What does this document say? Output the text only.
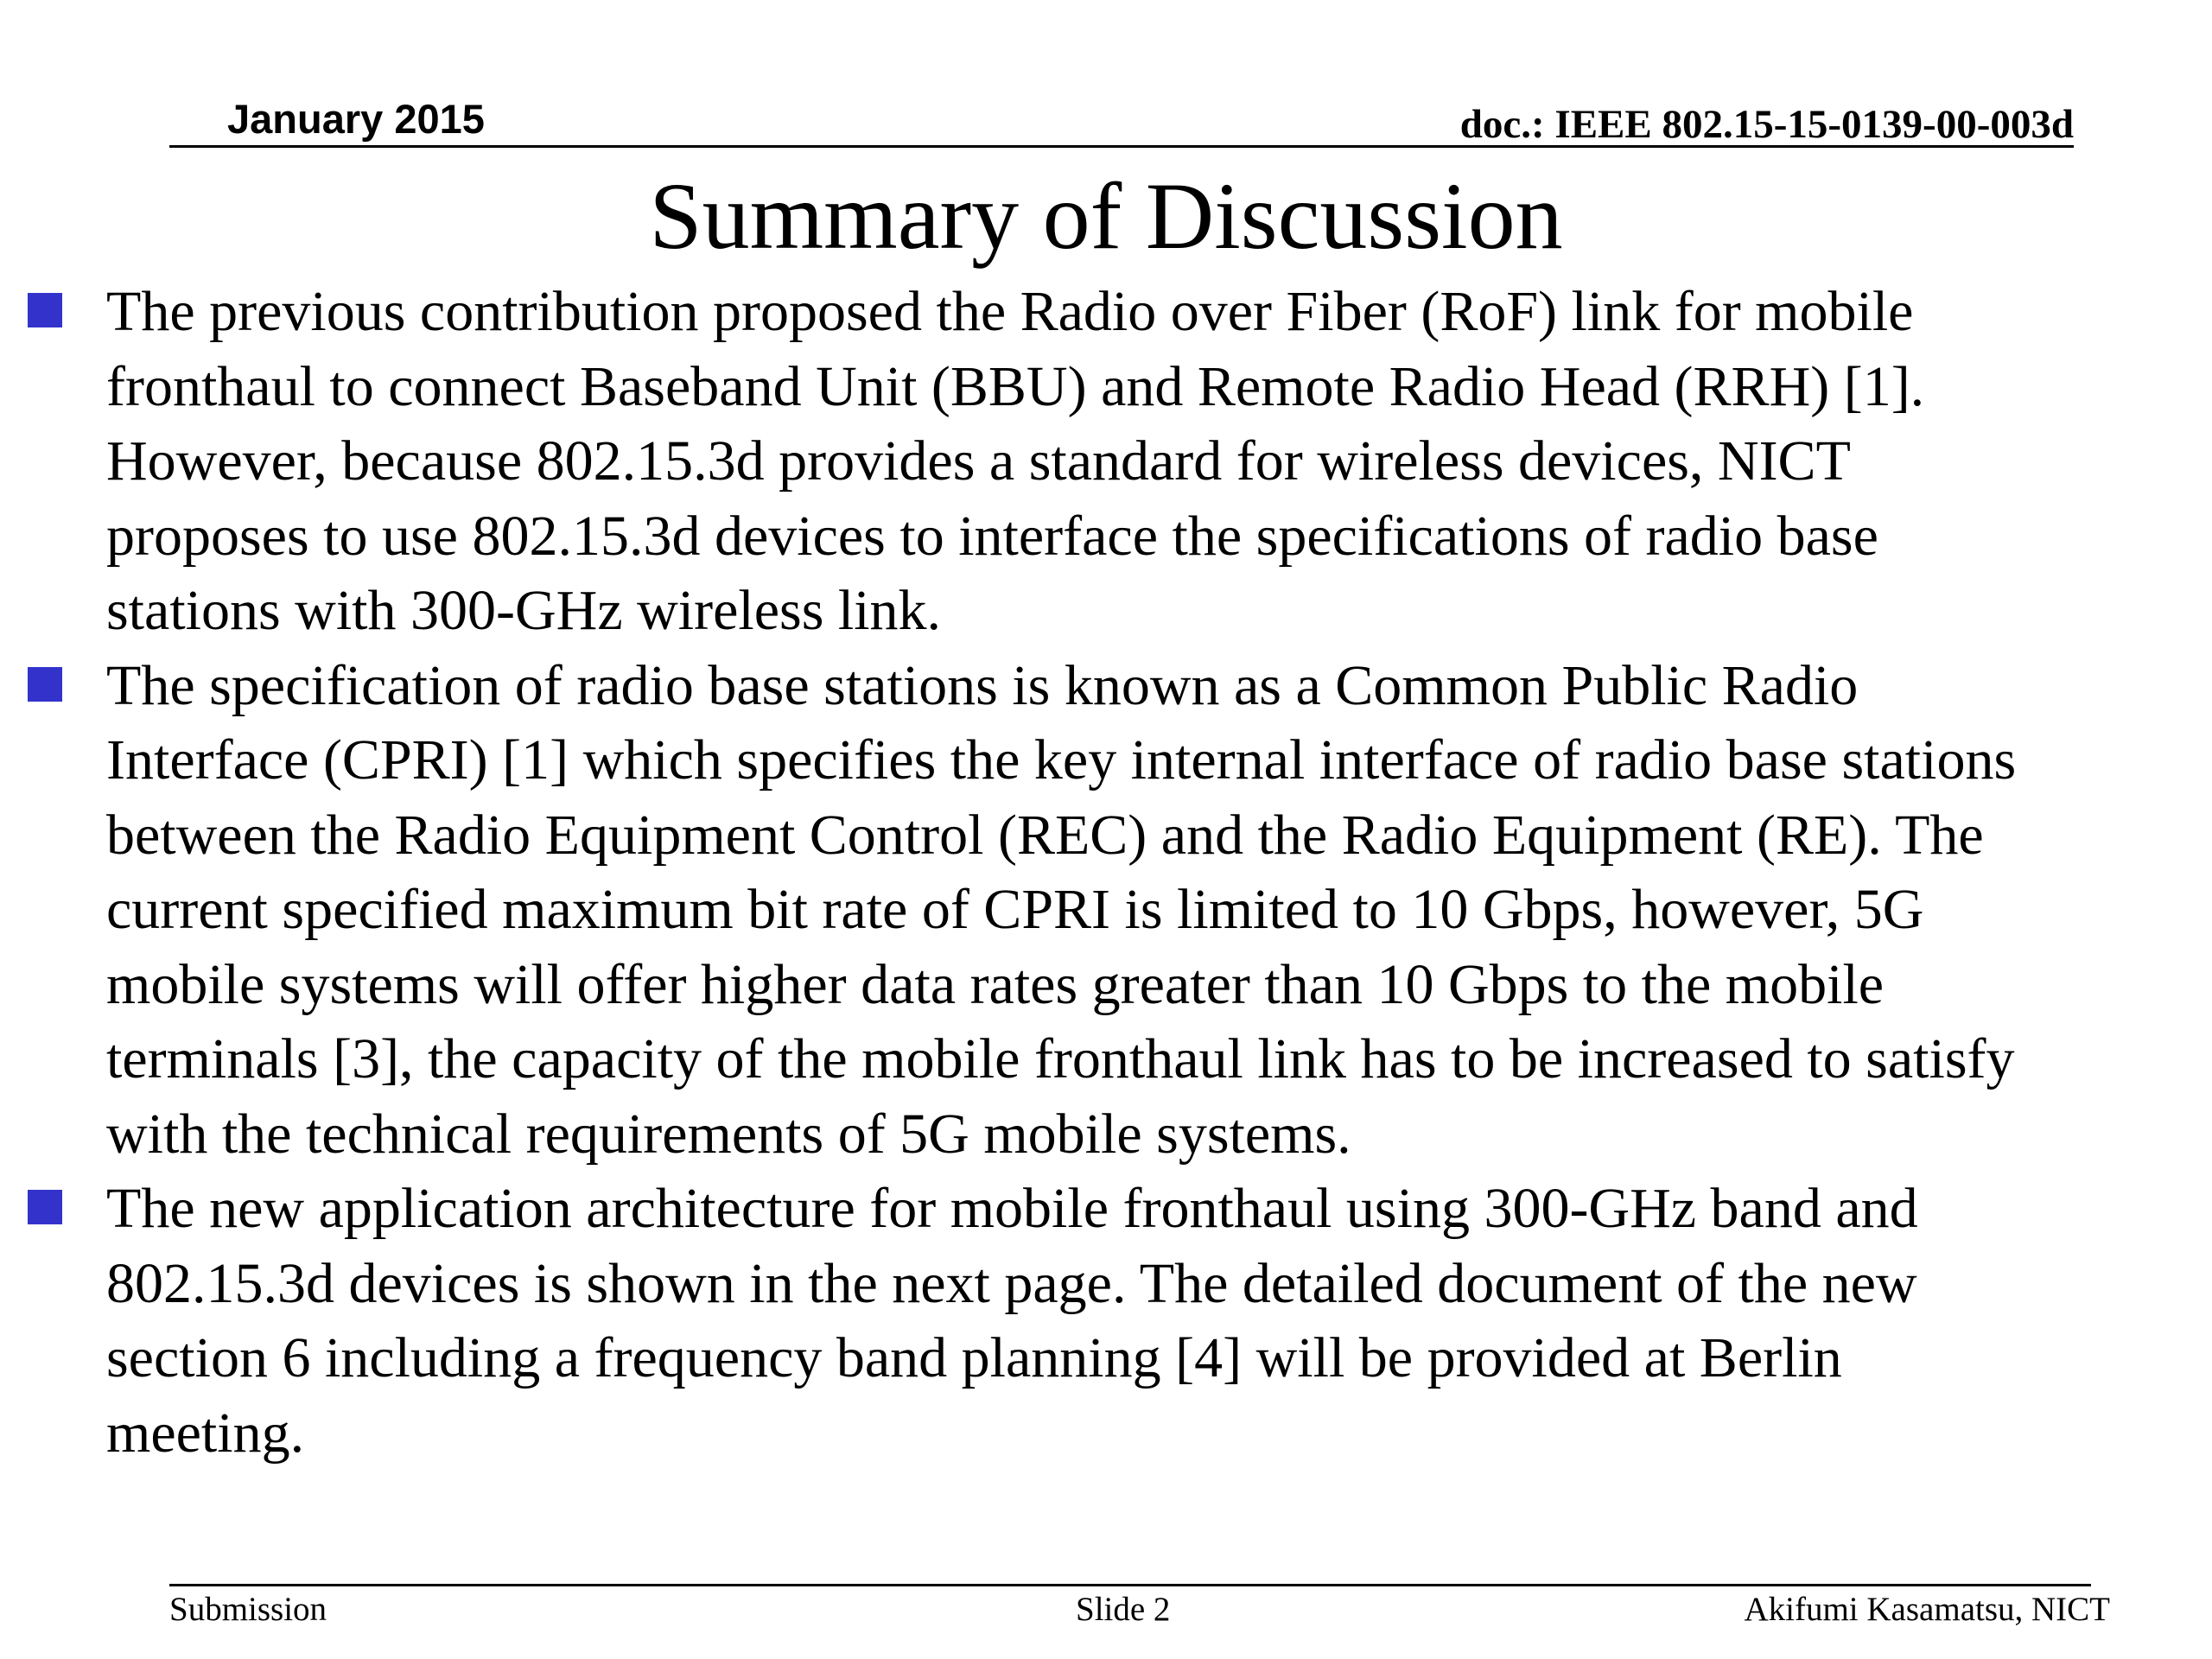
January 2015	doc.: IEEE 802.15-15-0139-00-003d
Summary of Discussion
The previous contribution proposed the Radio over Fiber (RoF) link for mobile
fronthaul to connect Baseband Unit (BBU) and Remote Radio Head (RRH) [1].
However, because 802.15.3d provides a standard for wireless devices, NICT
proposes to use 802.15.3d devices to interface the specifications of radio base
stations with 300-GHz wireless link.
The specification of radio base stations is known as a Common Public Radio
Interface (CPRI) [1] which specifies the key internal interface of radio base stations
between the Radio Equipment Control (REC) and the Radio Equipment (RE). The
current specified maximum bit rate of CPRI is limited to 10 Gbps, however, 5G
mobile systems will offer higher data rates greater than 10 Gbps to the mobile
terminals [3], the capacity of the mobile fronthaul link has to be increased to satisfy
with the technical requirements of 5G mobile systems.
The new application architecture for mobile fronthaul using 300-GHz band and
802.15.3d devices is shown in the next page. The detailed document of the new
section 6 including a frequency band planning [4] will be provided at Berlin
meeting.
Submission	Slide 2	Akifumi Kasamatsu, NICT
